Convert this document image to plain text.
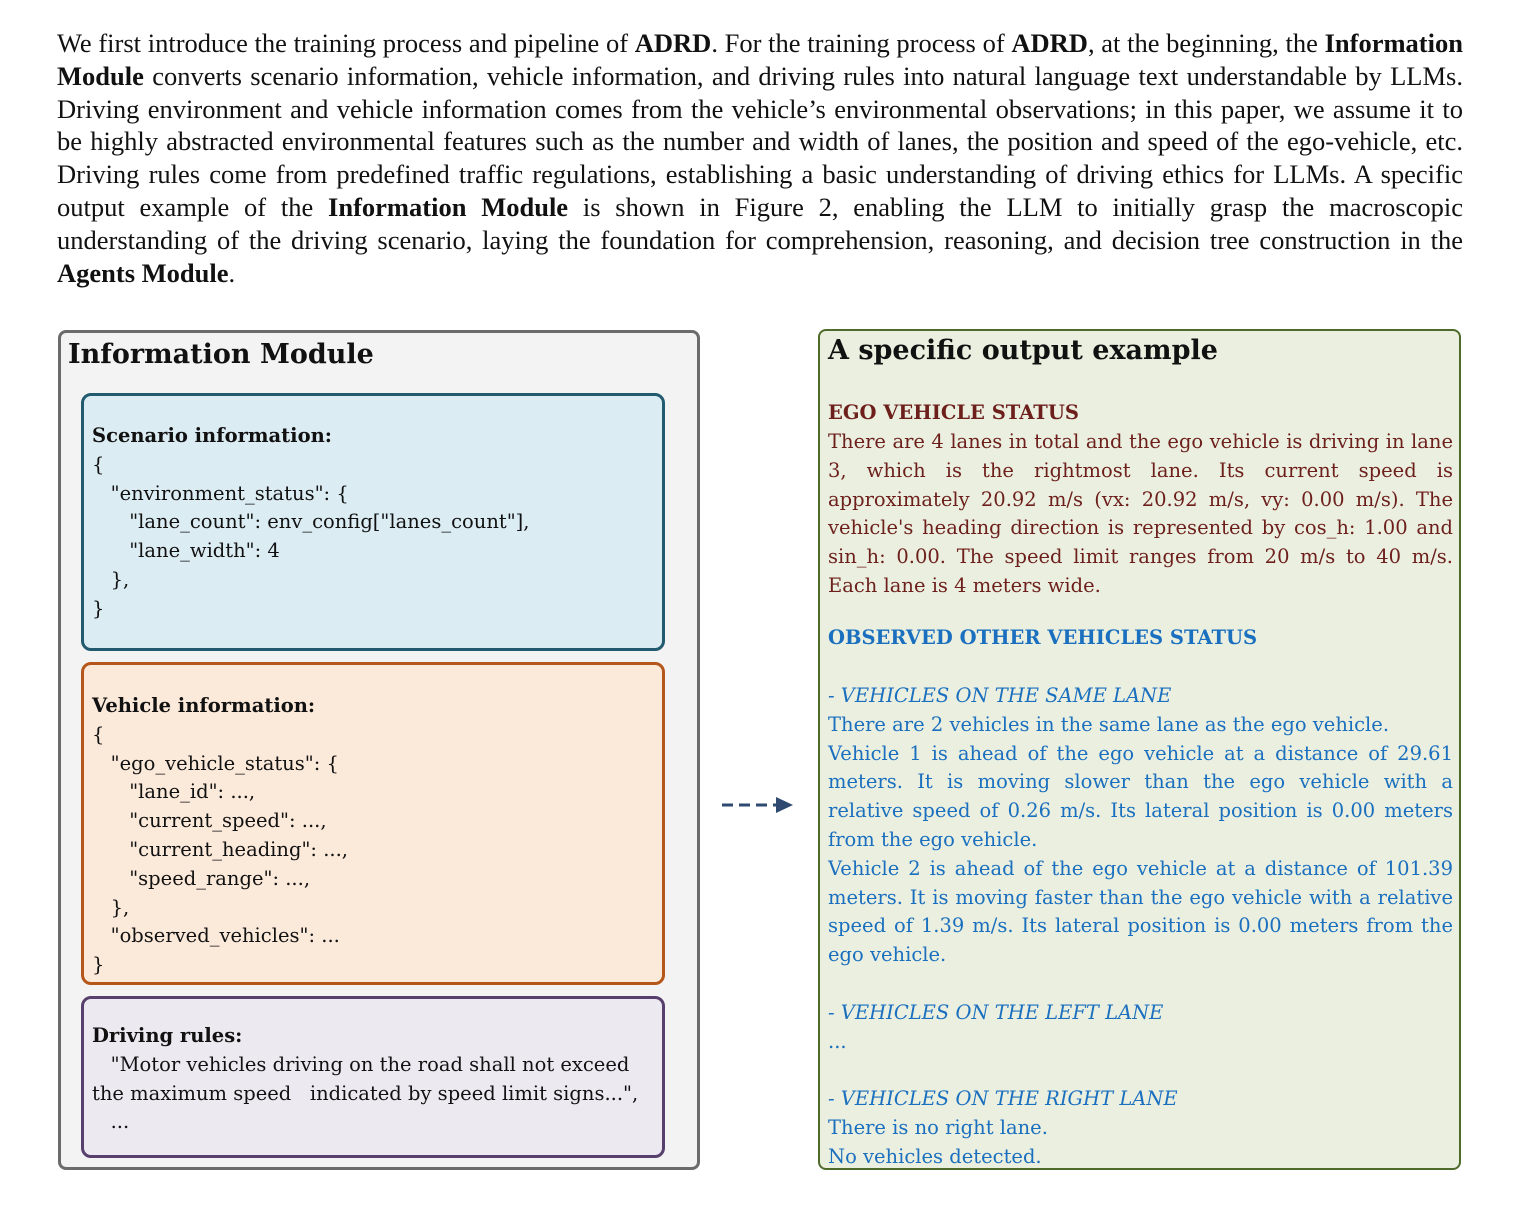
We first introduce the training process and pipeline of ADRD. For the training process of ADRD, at the beginning, the Information Module converts scenario information, vehicle information, and driving rules into natural language text understandable by LLMs. Driving environment and vehicle information comes from the vehicle’s environmental observations; in this paper, we assume it to be highly abstracted environmental features such as the number and width of lanes, the position and speed of the ego-vehicle, etc. Driving rules come from predefined traffic regulations, establishing a basic understanding of driving ethics for LLMs. A specific output example of the Information Module is shown in Figure 2, enabling the LLM to initially grasp the macroscopic understanding of the driving scenario, laying the foundation for comprehension, reasoning, and decision tree construction in the Agents Module.
Information Module
Scenario information:
{
"environment_status": {
"lane_count": env_config["lanes_count"],
"lane_width": 4
},
}
Vehicle information:
{
"ego_vehicle_status": {
"lane_id": ...,
"current_speed": ...,
"current_heading": ...,
"speed_range": ...,
},
"observed_vehicles": ...
}
Driving rules:
"Motor vehicles driving on the road shall not exceed
the maximum speed   indicated by speed limit signs...",
...
A specific output example
EGO VEHICLE STATUS
There are 4 lanes in total and the ego vehicle is driving in lane 3, which is the rightmost lane. Its current speed is approximately 20.92 m/s (vx: 20.92 m/s, vy: 0.00 m/s). The vehicle's heading direction is represented by cos_h: 1.00 and sin_h: 0.00. The speed limit ranges from 20 m/s to 40 m/s. Each lane is 4 meters wide.
OBSERVED OTHER VEHICLES STATUS
- VEHICLES ON THE SAME LANE
There are 2 vehicles in the same lane as the ego vehicle.
Vehicle 1 is ahead of the ego vehicle at a distance of 29.61 meters. It is moving slower than the ego vehicle with a relative speed of 0.26 m/s. Its lateral position is 0.00 meters from the ego vehicle.
Vehicle 2 is ahead of the ego vehicle at a distance of 101.39 meters. It is moving faster than the ego vehicle with a relative speed of 1.39 m/s. Its lateral position is 0.00 meters from the ego vehicle.
- VEHICLES ON THE LEFT LANE
...
- VEHICLES ON THE RIGHT LANE
There is no right lane.
No vehicles detected.
